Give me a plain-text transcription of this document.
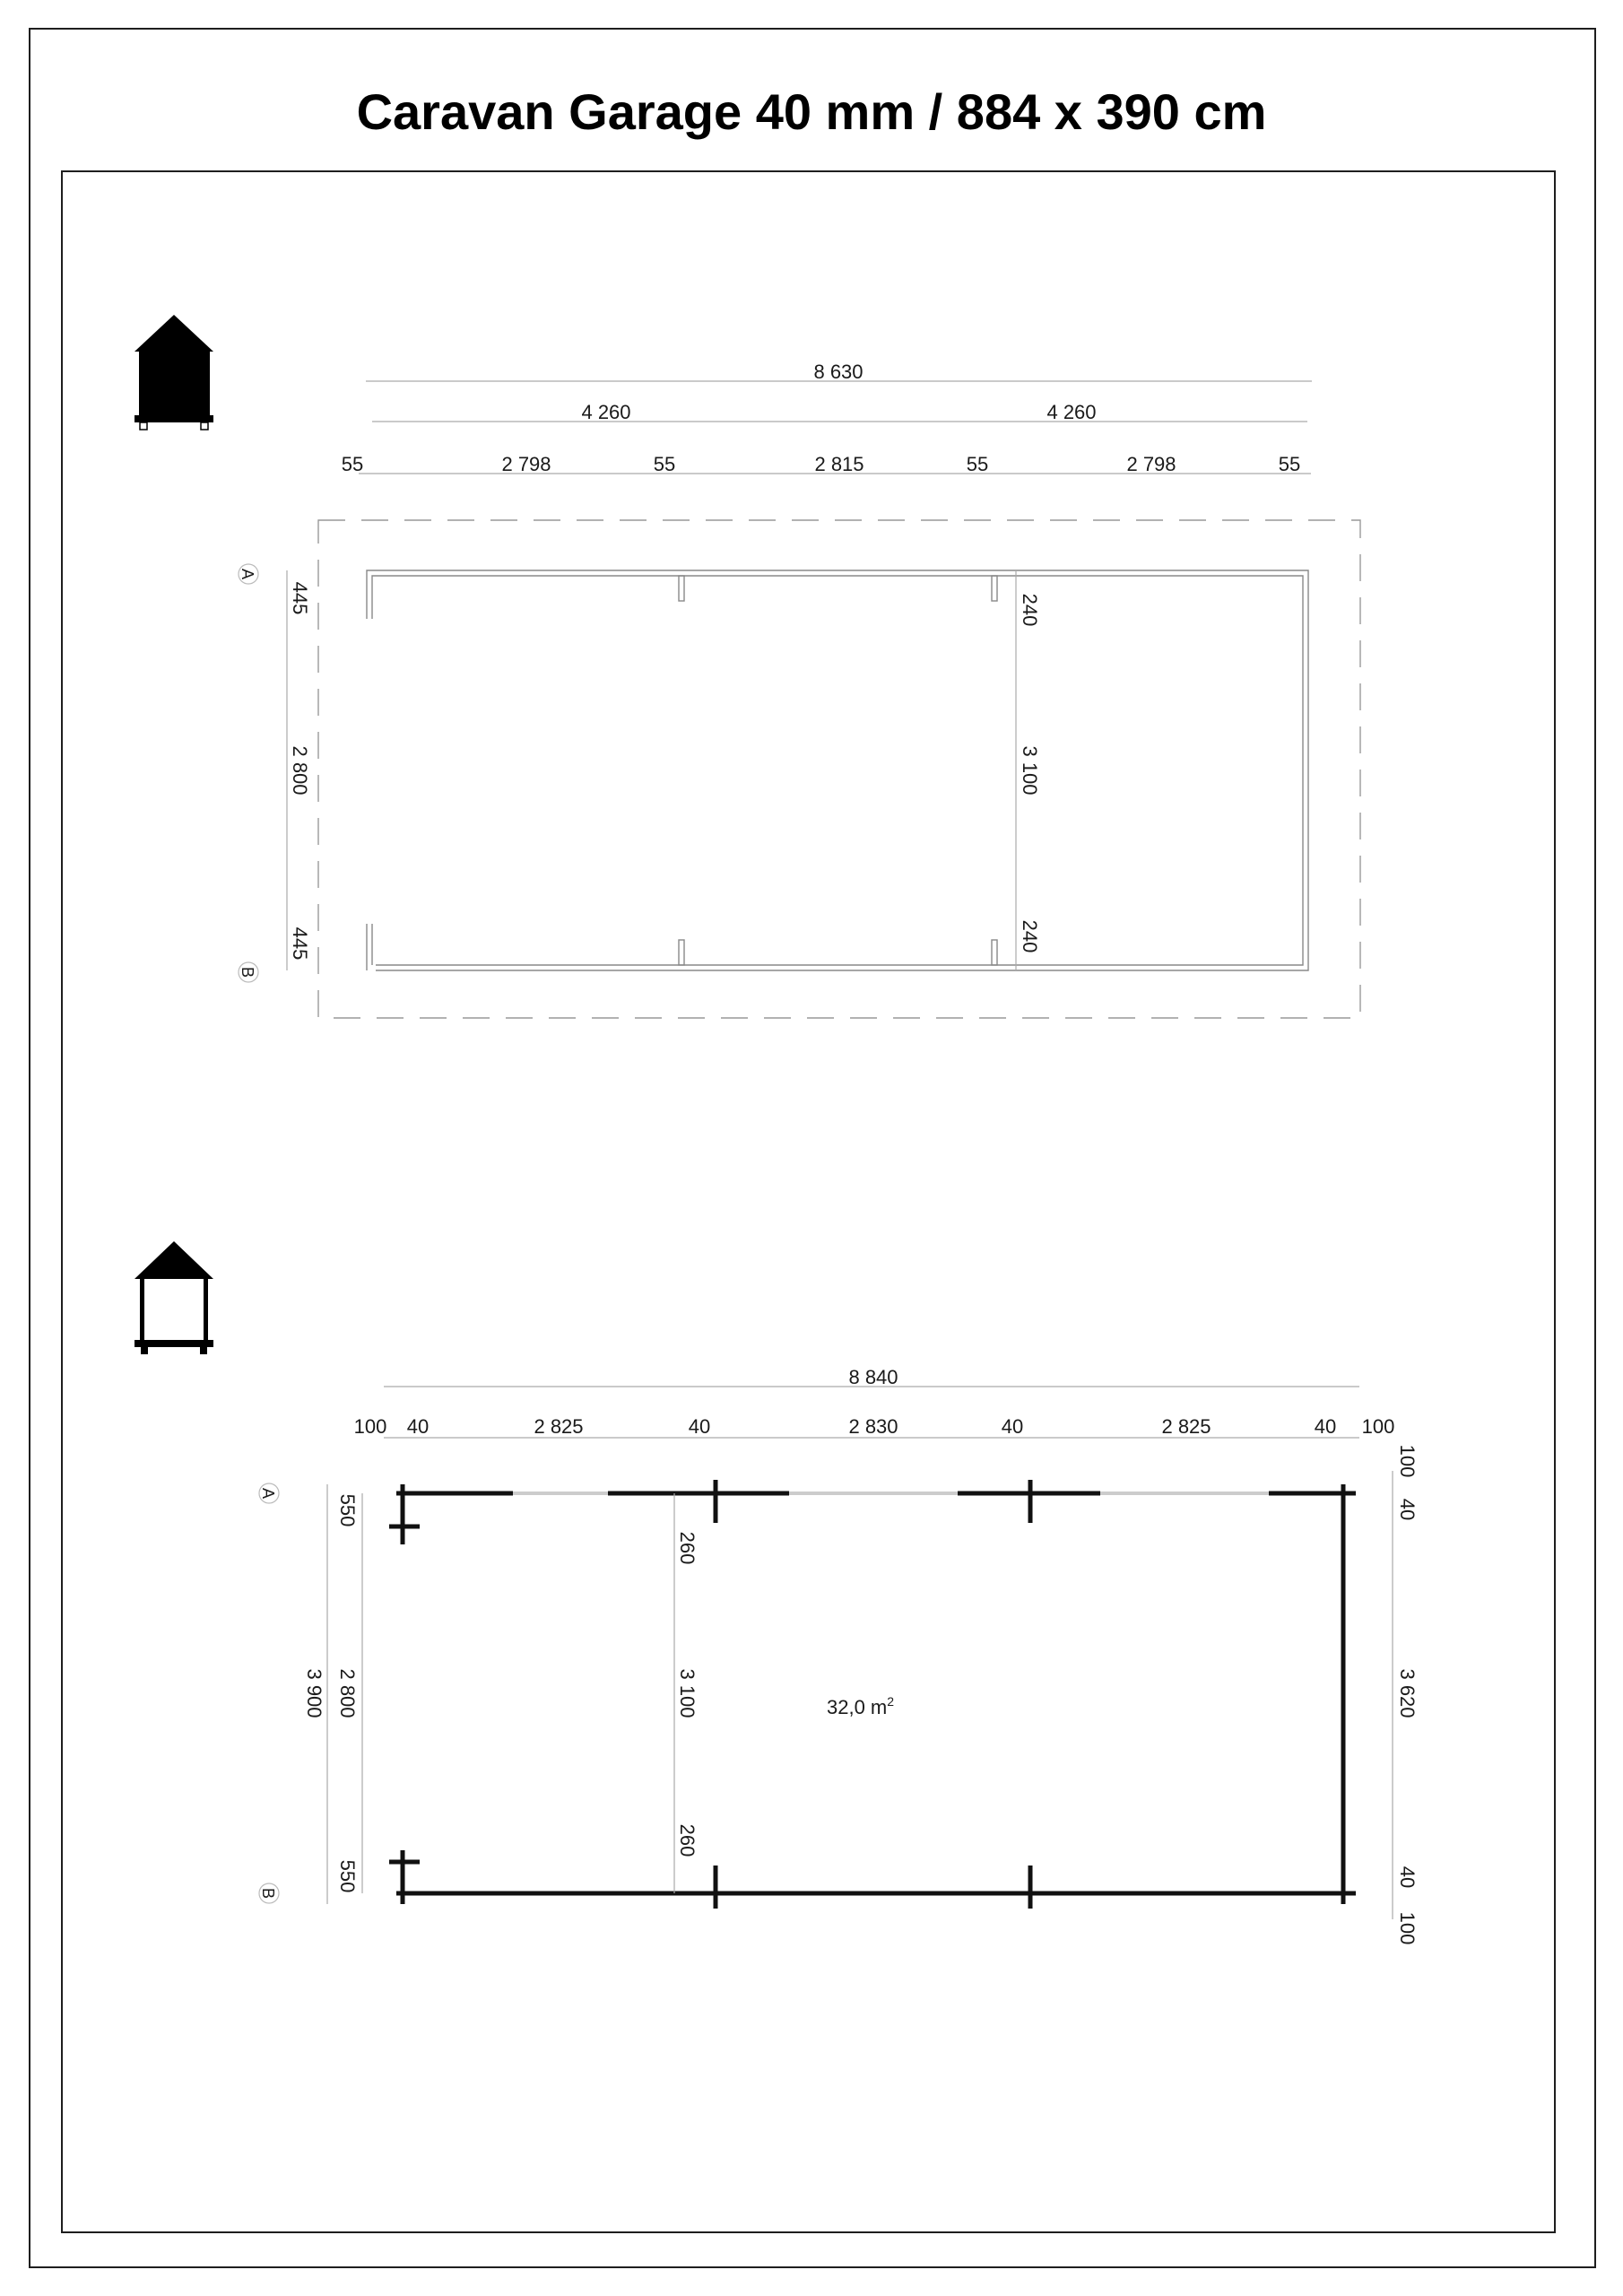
Caravan Garage 40 mm / 884 x 390 cm
8 630
4 260	4 260
55	2 798	55	2 815	55	2 798	55
445
2 800
445
240
3 100
240
A
B
8 840
100 40	2 825	40	2 830	40	2 825	40 100
3 900
550
2 800
550
260
3 100
260
100
40
3 620
40
100
32,0 $m^2$
A
B
